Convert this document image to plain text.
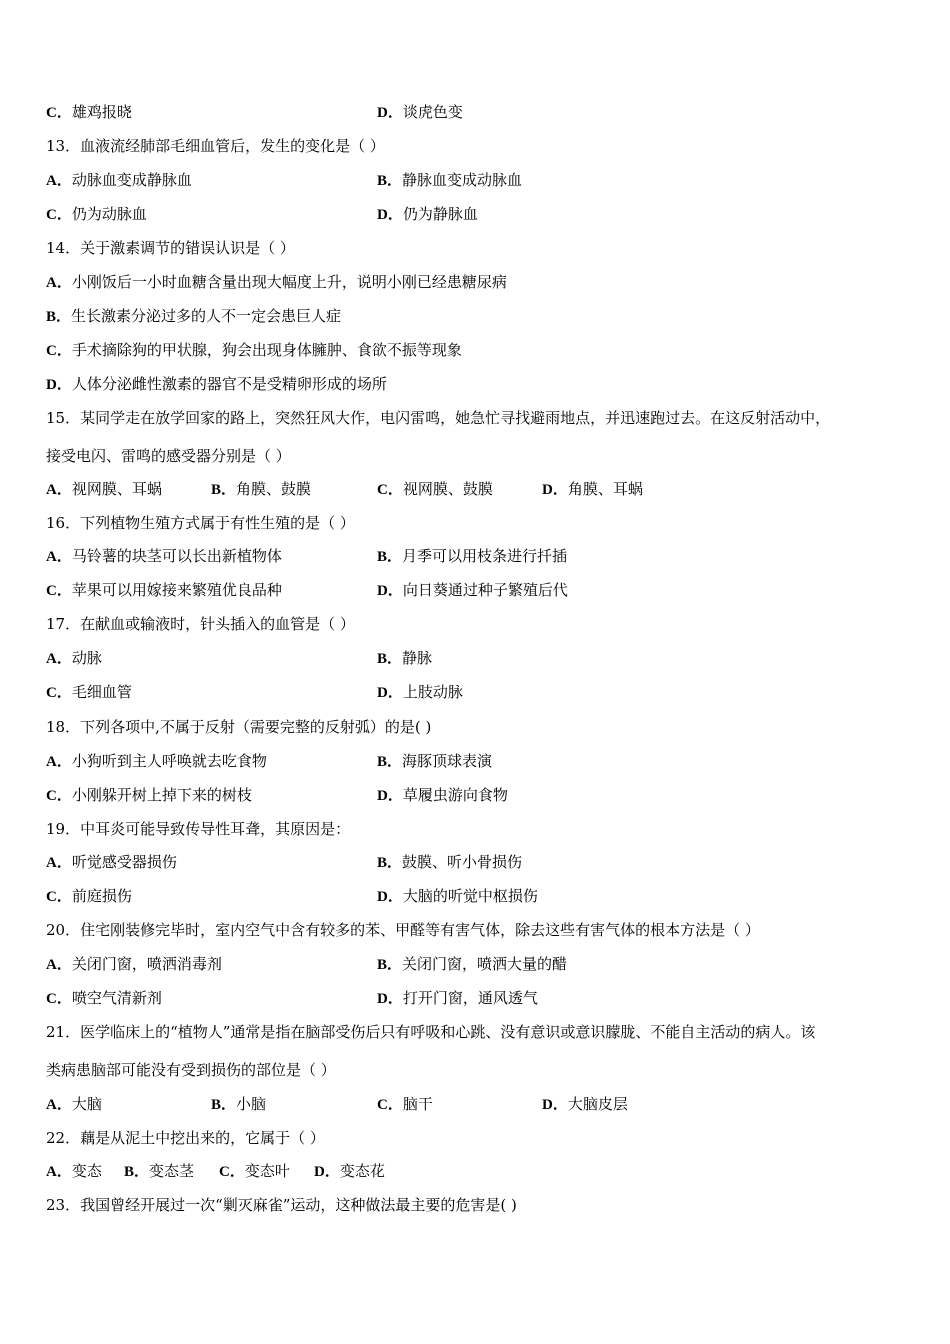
C．雄鸡报晓	D．谈虎色变
13．血液流经肺部毛细血管后，发生的变化是（ ）
A．动脉血变成静脉血	B．静脉血变成动脉血
C．仍为动脉血	D．仍为静脉血
14．关于激素调节的错误认识是（ ）
A．小刚饭后一小时血糖含量出现大幅度上升，说明小刚已经患糖尿病
B．生长激素分泌过多的人不一定会患巨人症
C．手术摘除狗的甲状腺，狗会出现身体臃肿、食欲不振等现象
D．人体分泌雌性激素的器官不是受精卵形成的场所
15．某同学走在放学回家的路上，突然狂风大作，电闪雷鸣，她急忙寻找避雨地点，并迅速跑过去。在这反射活动中，
接受电闪、雷鸣的感受器分别是（ ）
A．视网膜、耳蜗	B．角膜、鼓膜	C．视网膜、鼓膜	D．角膜、耳蜗
16．下列植物生殖方式属于有性生殖的是（ ）
A．马铃薯的块茎可以长出新植物体	B．月季可以用枝条进行扦插
C．苹果可以用嫁接来繁殖优良品种	D．向日葵通过种子繁殖后代
17．在献血或输液时，针头插入的血管是（ ）
A．动脉	B．静脉
C．毛细血管	D．上肢动脉
18．下列各项中,不属于反射（需要完整的反射弧）的是( )
A．小狗听到主人呼唤就去吃食物	B．海豚顶球表演
C．小刚躲开树上掉下来的树枝	D．草履虫游向食物
19．中耳炎可能导致传导性耳聋，其原因是：
A．听觉感受器损伤	B．鼓膜、听小骨损伤
C．前庭损伤	D．大脑的听觉中枢损伤
20．住宅刚装修完毕时，室内空气中含有较多的苯、甲醛等有害气体，除去这些有害气体的根本方法是（ ）
A．关闭门窗，喷洒消毒剂	B．关闭门窗，喷洒大量的醋
C．喷空气清新剂	D．打开门窗，通风透气
21．医学临床上的“植物人”通常是指在脑部受伤后只有呼吸和心跳、没有意识或意识朦胧、不能自主活动的病人。该
类病患脑部可能没有受到损伤的部位是（ ）
A．大脑	B．小脑	C．脑干	D．大脑皮层
22．藕是从泥土中挖出来的，它属于（ ）
A．变态 B．变态茎 C．变态叶 D．变态花
23．我国曾经开展过一次“剿灭麻雀”运动，这种做法最主要的危害是( )
